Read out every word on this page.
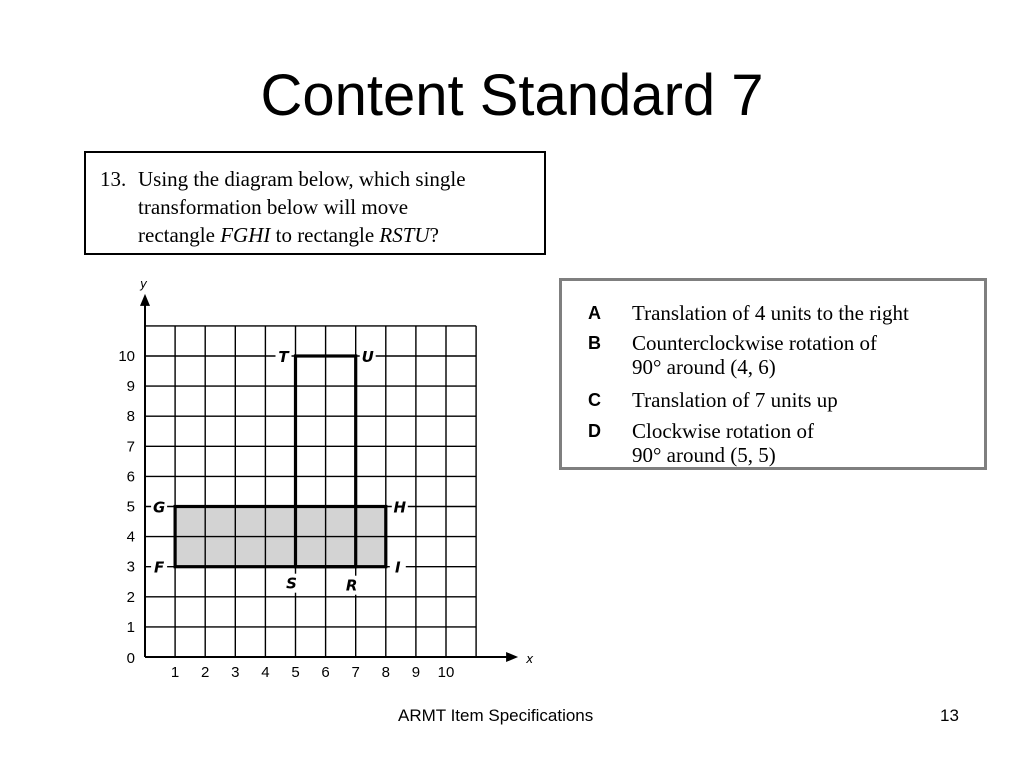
Content Standard 7
13. Using the diagram below, which single
transformation below will move
rectangle FGHI to rectangle RSTU?
A Translation of 4 units to the right
B Counterclockwise rotation of
90° around (4, 6)
C Translation of 7 units up
D Clockwise rotation of
90° around (5, 5)
x
y
1 2 3 4 5 6 7 8 9 10
0
1
2
3
4
5
6
7
8
9
10
F
G	H
I
R
S
T	U
ARMT Item Specifications	13
